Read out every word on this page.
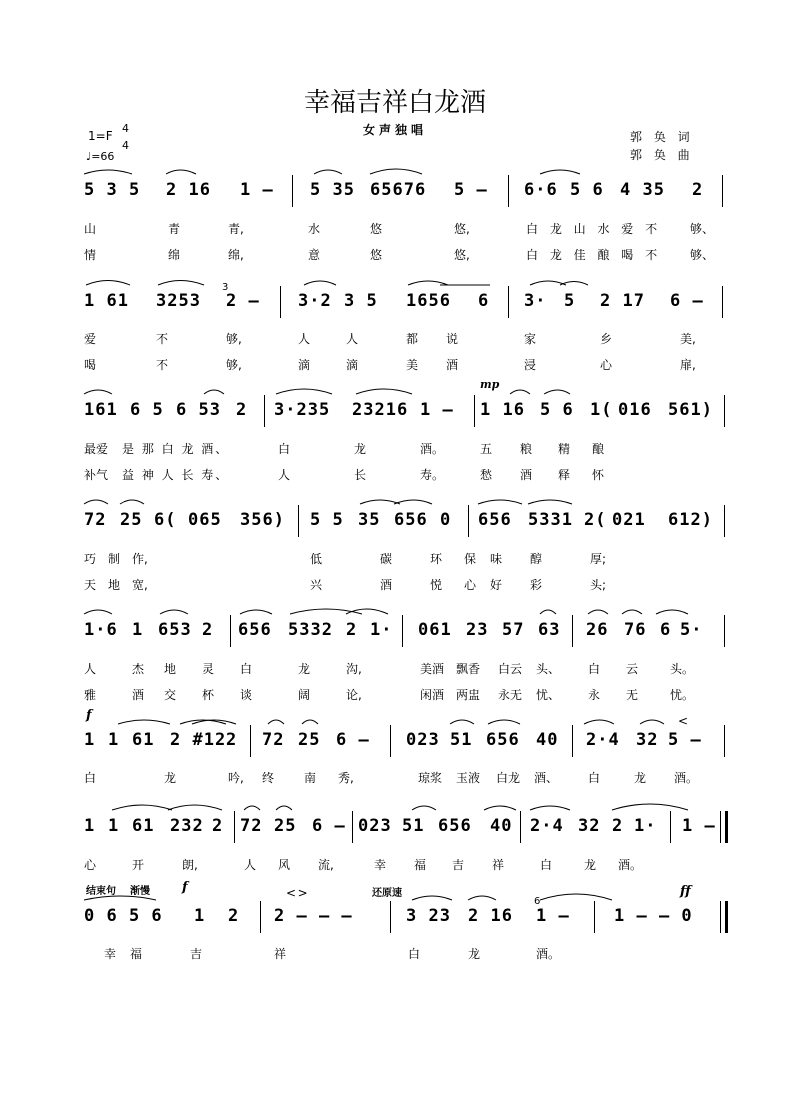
幸福吉祥白龙酒
女声独唱
1=F
4
4
♩=66
郭 奂 词
郭 奂 曲
5 3 5 2 16 1 – 5 35 65676 5 – 6·6 5 6 4 35 2
山	青	青,	水	悠	悠,	白 龙 山 水 爱 不 够、
情	绵	绵,	意	悠	悠,	白 龙 佳 酿 喝 不 够、
1 61 3253 2 – 3·2 3 5 1656 6 3· 5 2 17 6 –
爱	不	够,	人	人	都 说	家	乡	美,
喝	不	够,	滴	滴	美 酒	浸	心	扉,
161 6 5 6 53 2 3·235 23216 1 – 1 16 5 6 1( 016 561)
最爱 是 那 白 龙 酒、	白	龙	酒。	五 粮 精 酿
补气 益 神 人 长 寿、	人	长	寿。	愁 酒 释 怀
72 25 6( 065 356) 5 5 35 656 0 656 5331 2( 021 612)
巧 制 作,	低	碳	环 保 味 醇	厚;
天 地 宽,	兴	酒	悦 心 好 彩	头;
1·6 1 653 2 656 5332 2 1· 061 23 57 63 26 76 6 5·
人	杰 地 灵 白	龙	沟,	美酒 飘香 白云 头、 白 云	头。
雅	酒 交 杯 谈	阔	论,	闲酒 两盅 永无 忧、 永 无	忧。
f
1 1 61 2 #12 2 72 25 6 – 023 51 656 40 2·4 32 5 –
<
白	龙	吟, 终 南 秀,	琼浆 玉液 白龙 酒、 白	龙 酒。
1 1 61 232 2 72 25 6 – 023 51 656 40 2·4 32 2 1· 1 –
心	开	朗,	人 风 流,	幸 福 吉 祥	白	龙 酒。
结束句 渐慢 f	<  >	还原速	ff
mp
3
6
0 6 5 6 1 2 2 – – –	3 23 2 16 1 –	1 – – 0
幸 福	吉	祥	白	龙	酒。
